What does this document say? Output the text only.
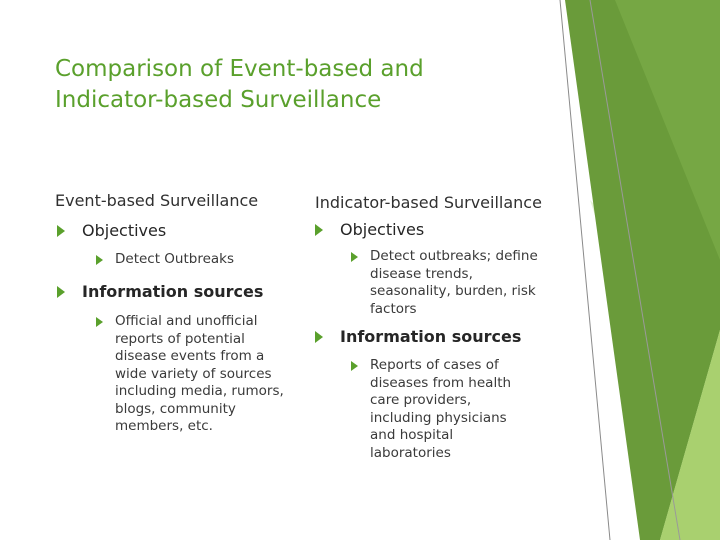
Comparison of Event-based and Indicator-based Surveillance
Event-based Surveillance
Objectives
Detect Outbreaks
Information sources
Official and unofficial reports of potential disease events from a wide variety of sources including media, rumors, blogs, community members, etc.
Indicator-based Surveillance
Objectives
Detect outbreaks; define disease trends, seasonality, burden, risk factors
Information sources
Reports of cases of diseases from health care providers, including physicians and hospital laboratories
